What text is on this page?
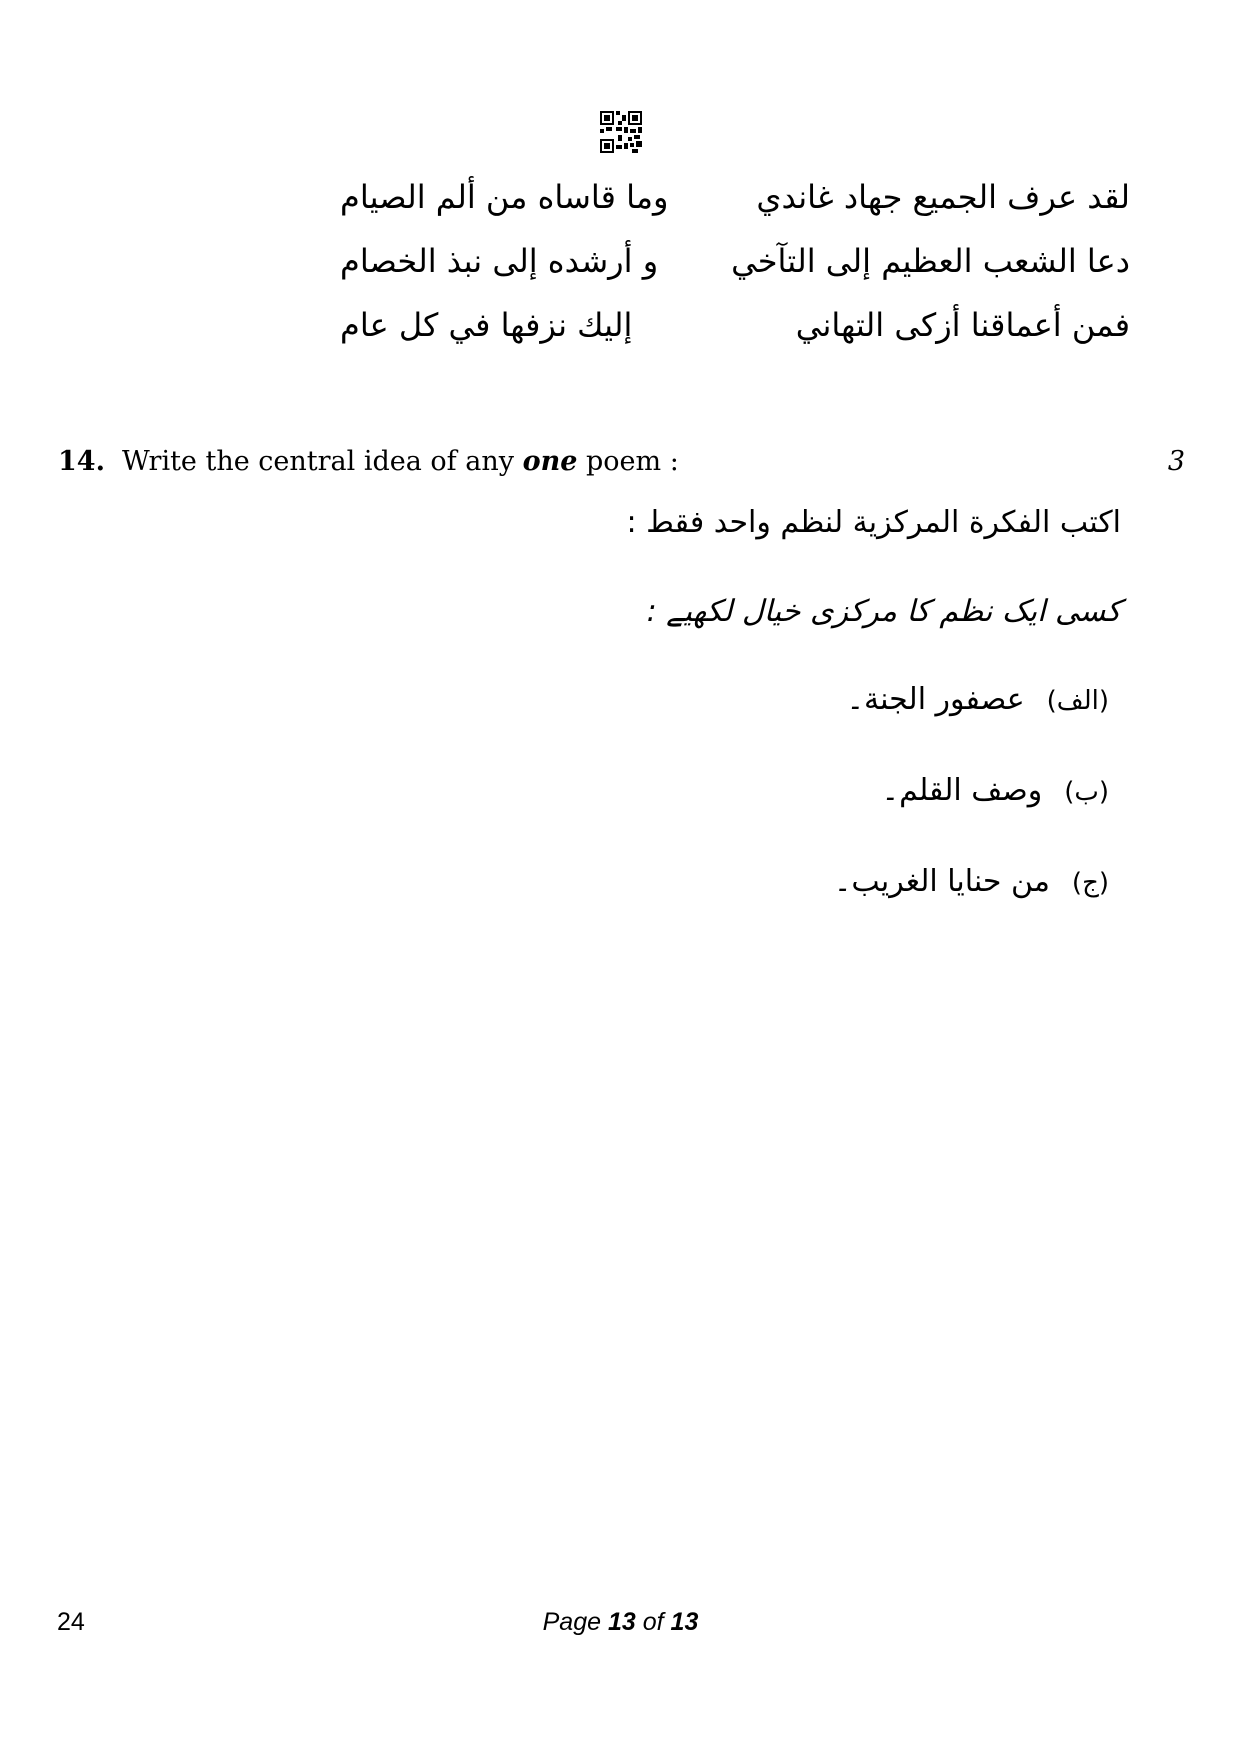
لقد عرف الجميع جهاد غاندي
وما قاساه من ألم الصيام
دعا الشعب العظيم إلى التآخي
و أرشده إلى نبذ الخصام
فمن أعماقنا أزكى التهاني
إليك نزفها في كل عام
14. Write the central idea of any one poem :	3
اكتب الفكرة المركزية لنظم واحد فقط :
کسی ایک نظم کا مرکزی خیال لکھیے :
(الف)عصفور الجنة۔
(ب)وصف القلم۔
(ج)من حنایا الغریب۔
24	Page 13 of 13
